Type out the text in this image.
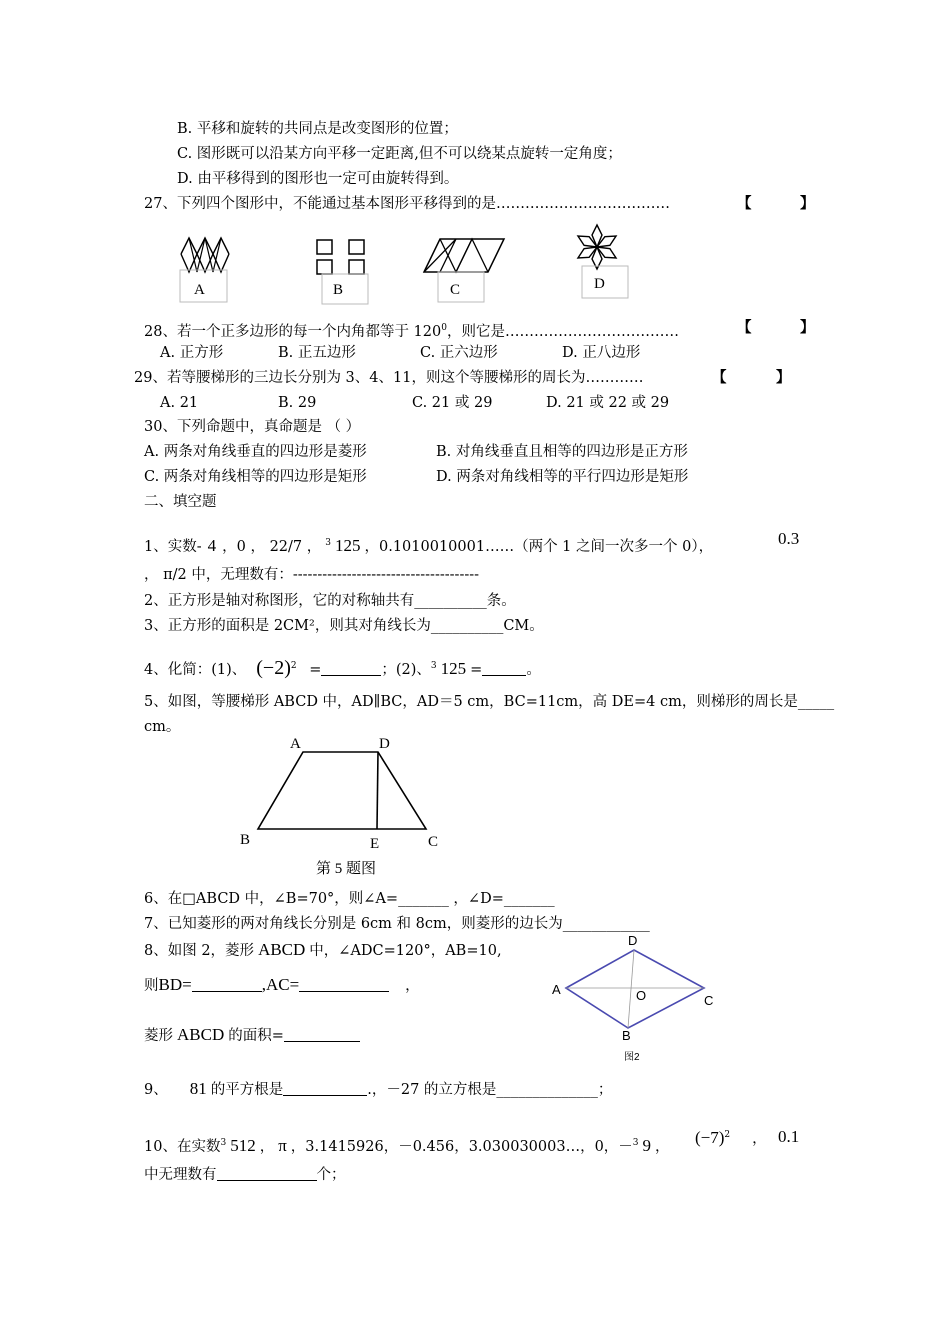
B. 平移和旋转的共同点是改变图形的位置；
C. 图形既可以沿某方向平移一定距离,但不可以绕某点旋转一定角度；
D. 由平移得到的图形也一定可由旋转得到。
27、下列四个图形中，不能通过基本图形平移得到的是………………………………	【	】
A	B	C	D
28、若一个正多边形的每一个内角都等于 $120^0$，则它是………………………………	【	】
A. 正方形	B. 正五边形	C. 正六边形	D. 正八边形
29、若等腰梯形的三边长分别为 3、4、11，则这个等腰梯形的周长为…………	【	】
A. 21	B. 29	C. 21 或 29	D. 21 或 22 或 29
30、下列命题中，真命题是 （ ）
A. 两条对角线垂直的四边形是菱形	B. 对角线垂直且相等的四边形是正方形
C. 两条对角线相等的四边形是矩形	D. 两条对角线相等的平行四边形是矩形
二、填空题
1、实数- 4 ，0 ， 22/7 ， $^3$ 125 ，0.1010010001……（两个 1 之间一次多一个 0），	0.3
， π/2 中，无理数有：--------------------------------------
2、正方形是轴对称图形，它的对称轴共有__________条。
3、正方形的面积是 2CM²，则其对角线长为__________CM。
4、化简：(1)、 $(-2)^2$ =	；(2)、$^3$ 125 =	。
5、如图，等腰梯形 ABCD 中，AD∥BC，AD＝5 cm，BC=11cm，高 DE=4 cm，则梯形的周长是_____
cm。
A	D
B	E	C
第 5 题图
6、在□ABCD 中，∠B=70°，则∠A=_______ ，∠D=_______
7、已知菱形的两对角线长分别是 6cm 和 8cm，则菱形的边长为____________
8、如图 2，菱形 ABCD 中，∠ADC=120°，AB=10,
则BD=	,AC=	，
菱形 ABCD 的面积=
D
A	O	C
B
图2
9、 81 的平方根是	.，－27 的立方根是______________；
10、在实数$^3$ 512 ， π ，3.1415926，－0.456，3.030030003…，0，－$^3$ 9 ， $(-7)^2$ ， 0.1
中无理数有	个；
